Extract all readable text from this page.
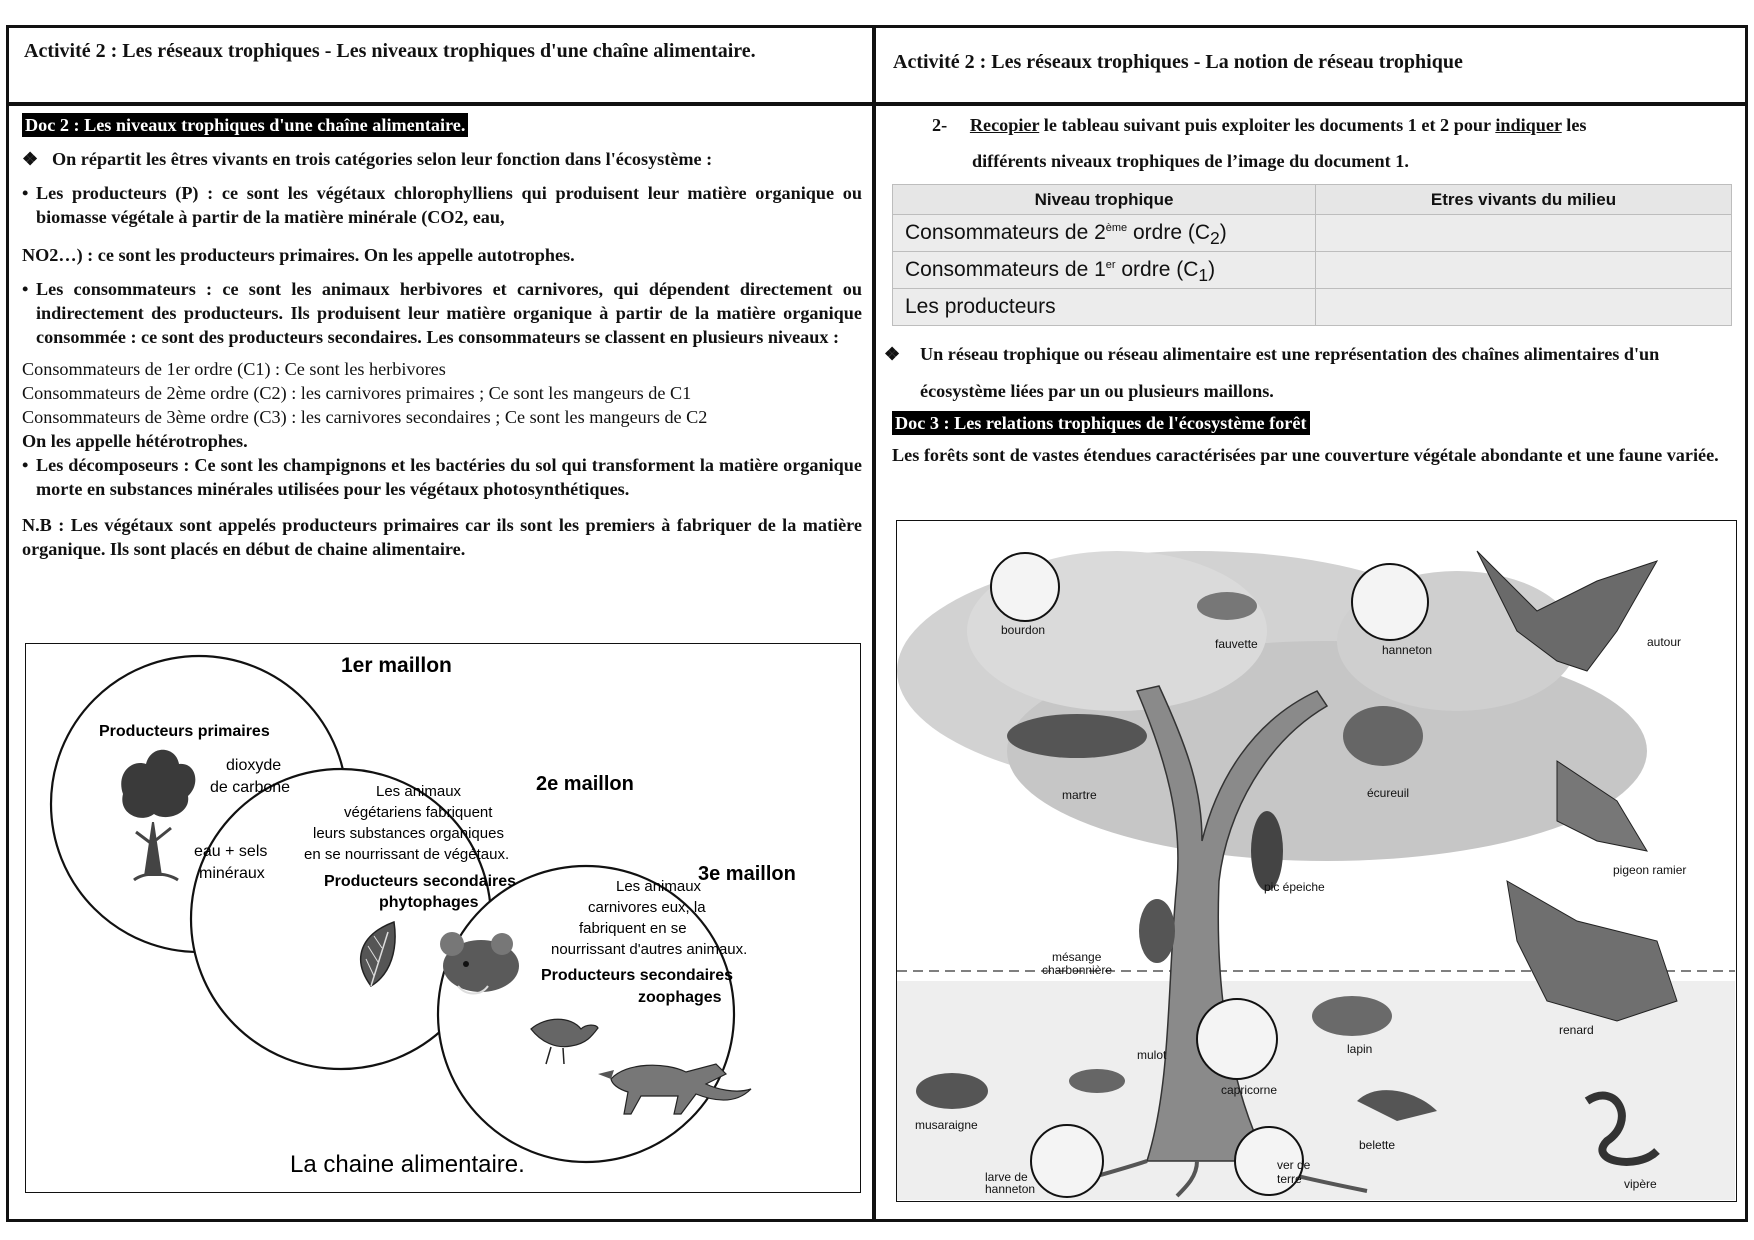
Activité 2 : Les réseaux trophiques - Les niveaux trophiques d'une chaîne alimentaire.	Activité 2 : Les réseaux trophiques - La notion de réseau trophique
Doc 2 : Les niveaux trophiques d'une chaîne alimentaire.

❖ On répartit les êtres vivants en trois catégories selon leur fonction dans l'écosystème :

• Les producteurs (P) : ce sont les végétaux chlorophylliens qui produisent leur matière organique ou biomasse végétale à partir de la matière minérale (CO2, eau,

NO2…) : ce sont les producteurs primaires. On les appelle autotrophes.

• Les consommateurs : ce sont les animaux herbivores et carnivores, qui dépendent directement ou indirectement des producteurs. Ils produisent leur matière organique à partir de la matière organique consommée : ce sont des producteurs secondaires. Les consommateurs se classent en plusieurs niveaux :

Consommateurs de 1er ordre (C1) : Ce sont les herbivores

Consommateurs de 2ème ordre (C2) : les carnivores primaires ; Ce sont les mangeurs de C1

Consommateurs de 3ème ordre (C3) : les carnivores secondaires ; Ce sont les mangeurs de C2

On les appelle hétérotrophes.

• Les décomposeurs : Ce sont les champignons et les bactéries du sol qui transforment la matière organique morte en substances minérales utilisées pour les végétaux photosynthétiques.

N.B : Les végétaux sont appelés producteurs primaires car ils sont les premiers à fabriquer de la matière organique. Ils sont placés en début de chaine alimentaire.

1er maillon
2e maillon
3e maillon
Producteurs primaires
dioxyde
de carbone
eau + sels
minéraux
Les animaux
végétariens fabriquent
leurs substances organiques
en se nourrissant de végétaux.
Producteurs secondaires
phytophages
Les animaux
carnivores eux, la
fabriquent en se
nourrissant d'autres animaux.
Producteurs secondaires
zoophages
La chaine alimentaire.

2- Recopier le tableau suivant puis exploiter les documents 1 et 2 pour indiquer les

différents niveaux trophiques de l’image du document 1.

Niveau trophique	Etres vivants du milieu
Consommateurs de 2ème ordre $(C_2)$	
Consommateurs de 1er ordre $(C_1)$	
Les producteurs	

❖ Un réseau trophique ou réseau alimentaire est une représentation des chaînes alimentaires d'un écosystème liées par un ou plusieurs maillons.

Doc 3 : Les relations trophiques de l'écosystème forêt

Les forêts sont de vastes étendues caractérisées par une couverture végétale abondante et une faune variée.

bourdon
fauvette	hanneton
autour
martre	écureuil
pigeon ramier
pic épeiche
mésange
charbonnière
renard
lapin
mulot
capricorne
musaraigne
belette
vipère
larve de
hanneton
ver de
terre
